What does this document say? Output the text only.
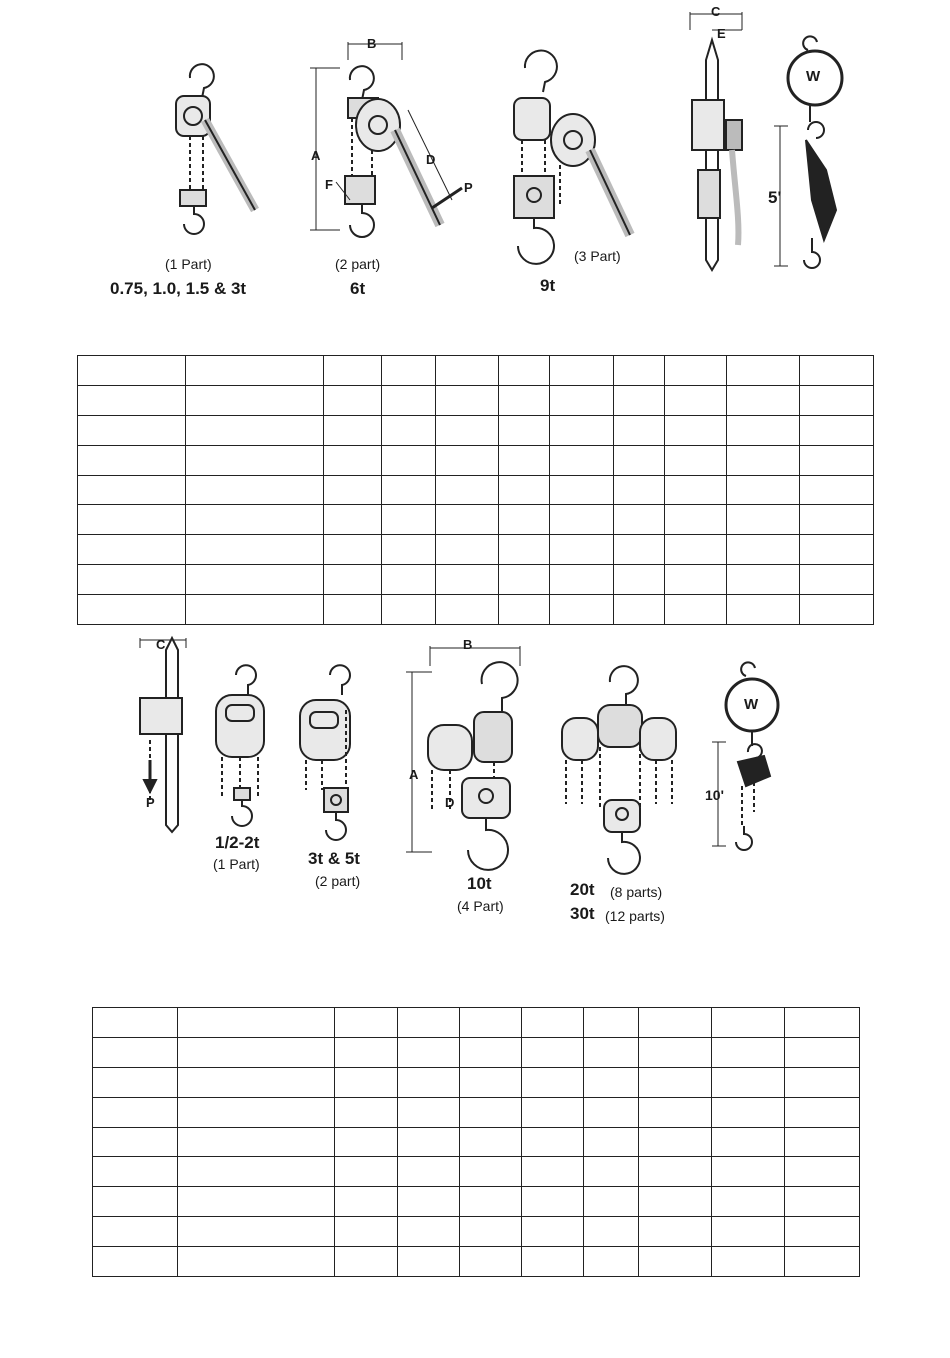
(1 Part)
0.75, 1.0, 1.5 & 3t
(2 part)
6t
(3 Part)
9t
B
A	D
F	P
C
E
W
5'

C
P
B
A
D
1/2-2t
(1 Part)	3t & 5t
(2 part)	10t
(4 Part)
20t (8 parts)
30t (12 parts)
W
10'
